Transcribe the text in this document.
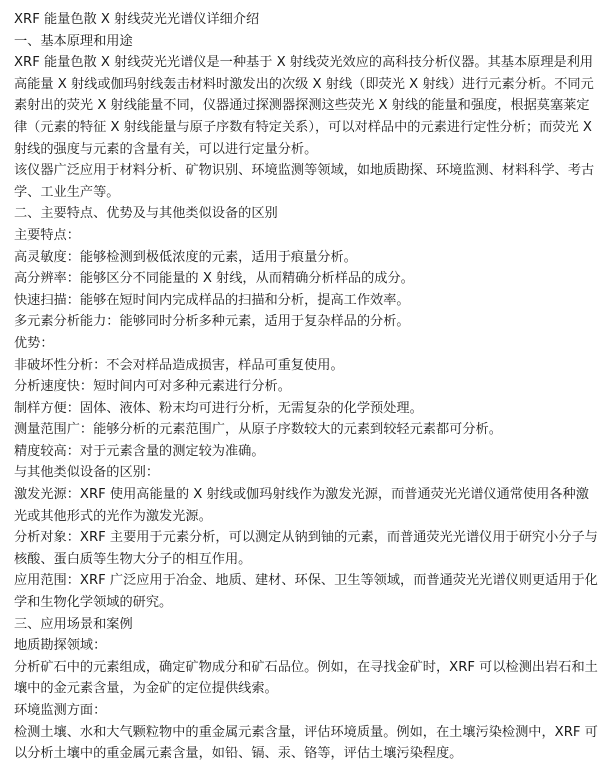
XRF 能量色散 X 射线荧光光谱仪详细介绍

一、基本原理和用途

XRF 能量色散 X 射线荧光光谱仪是一种基于 X 射线荧光效应的高科技分析仪器。其基本原理是利用高能量 X 射线或伽玛射线轰击材料时激发出的次级 X 射线（即荧光 X 射线）进行元素分析。不同元素射出的荧光 X 射线能量不同，仪器通过探测器探测这些荧光 X 射线的能量和强度，根据莫塞莱定律（元素的特征 X 射线能量与原子序数有特定关系），可以对样品中的元素进行定性分析；而荧光 X 射线的强度与元素的含量有关，可以进行定量分析。

该仪器广泛应用于材料分析、矿物识别、环境监测等领域，如地质勘探、环境监测、材料科学、考古学、工业生产等。

二、主要特点、优势及与其他类似设备的区别

主要特点：

高灵敏度：能够检测到极低浓度的元素，适用于痕量分析。

高分辨率：能够区分不同能量的 X 射线，从而精确分析样品的成分。

快速扫描：能够在短时间内完成样品的扫描和分析，提高工作效率。

多元素分析能力：能够同时分析多种元素，适用于复杂样品的分析。

优势：

非破坏性分析：不会对样品造成损害，样品可重复使用。

分析速度快：短时间内可对多种元素进行分析。

制样方便：固体、液体、粉末均可进行分析，无需复杂的化学预处理。

测量范围广：能够分析的元素范围广，从原子序数较大的元素到较轻元素都可分析。

精度较高：对于元素含量的测定较为准确。

与其他类似设备的区别：

激发光源：XRF 使用高能量的 X 射线或伽玛射线作为激发光源，而普通荧光光谱仪通常使用各种激光或其他形式的光作为激发光源。

分析对象：XRF 主要用于元素分析，可以测定从钠到铀的元素，而普通荧光光谱仪用于研究小分子与核酸、蛋白质等生物大分子的相互作用。

应用范围：XRF 广泛应用于冶金、地质、建材、环保、卫生等领域，而普通荧光光谱仪则更适用于化学和生物化学领域的研究。

三、应用场景和案例

地质勘探领域：

分析矿石中的元素组成，确定矿物成分和矿石品位。例如，在寻找金矿时，XRF 可以检测出岩石和土壤中的金元素含量，为金矿的定位提供线索。

环境监测方面：

检测土壤、水和大气颗粒物中的重金属元素含量，评估环境质量。例如，在土壤污染检测中，XRF 可以分析土壤中的重金属元素含量，如铅、镉、汞、铬等，评估土壤污染程度。
